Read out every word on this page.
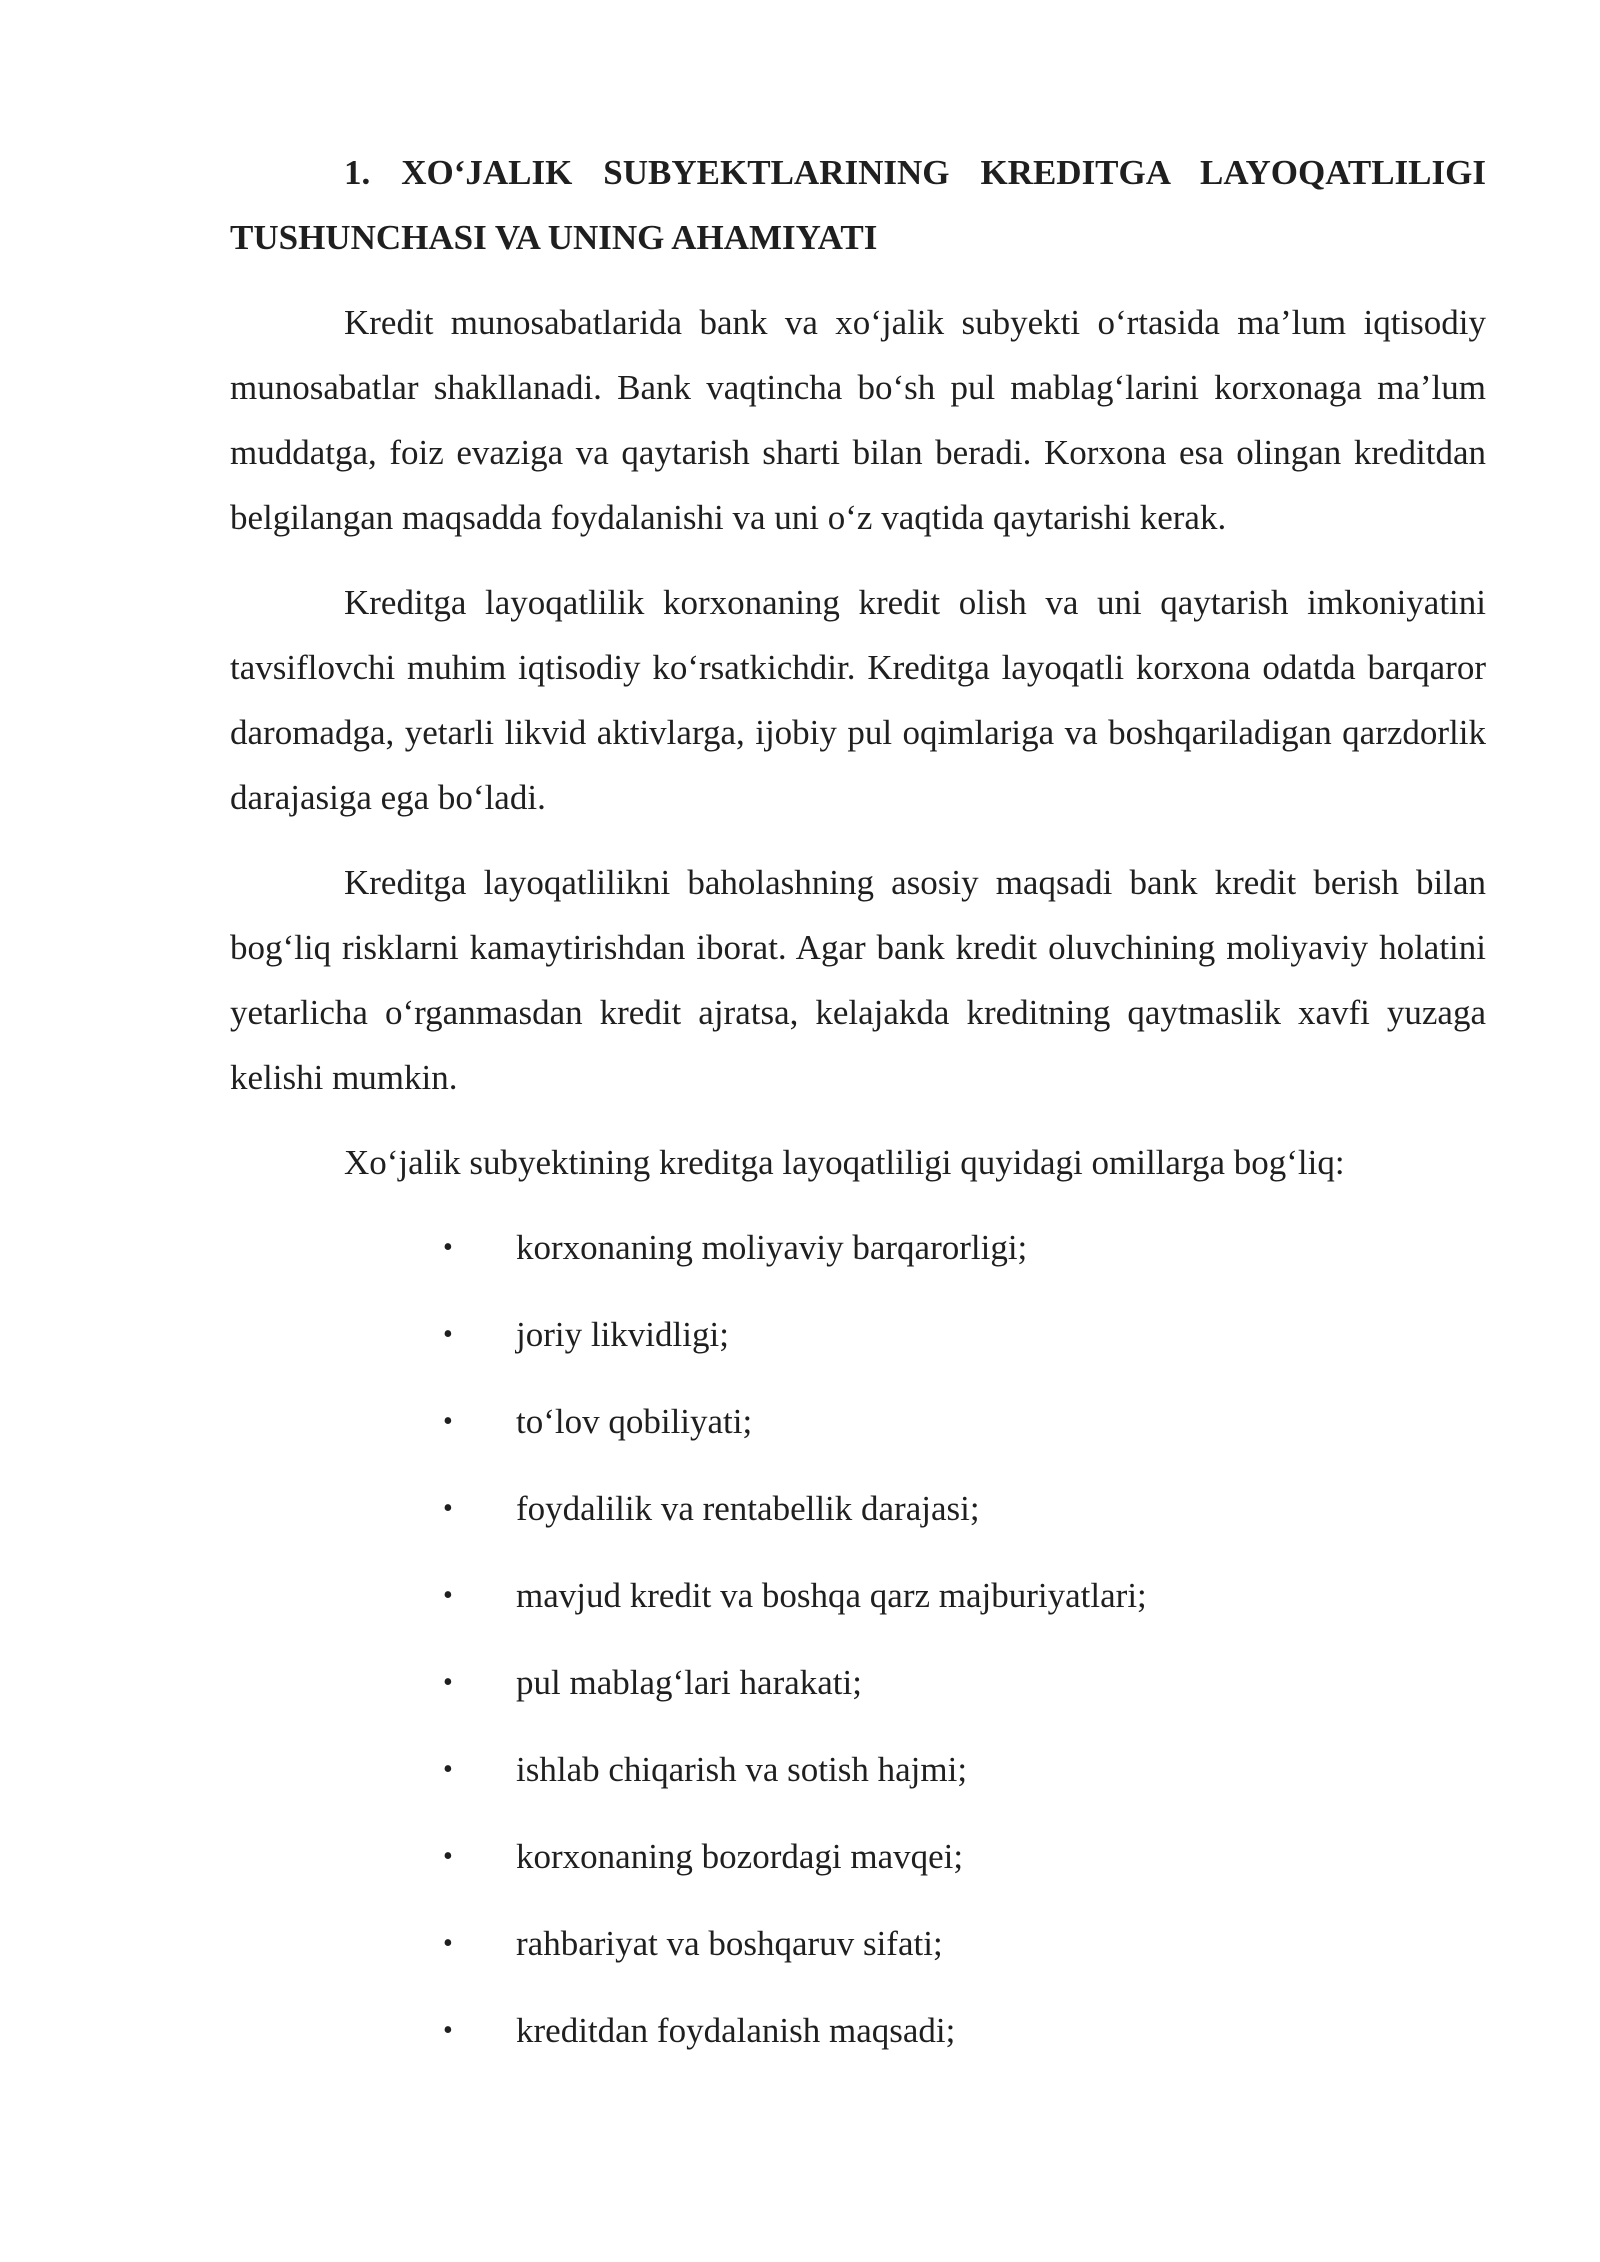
1. XO‘JALIK SUBYEKTLARINING KREDITGA LAYOQATLILIGI TUSHUNCHASI VA UNING AHAMIYATI

Kredit munosabatlarida bank va xo‘jalik subyekti o‘rtasida ma’lum iqtisodiy munosabatlar shakllanadi. Bank vaqtincha bo‘sh pul mablag‘larini korxonaga ma’lum muddatga, foiz evaziga va qaytarish sharti bilan beradi. Korxona esa olingan kreditdan belgilangan maqsadda foydalanishi va uni o‘z vaqtida qaytarishi kerak.

Kreditga layoqatlilik korxonaning kredit olish va uni qaytarish imkoniyatini tavsiflovchi muhim iqtisodiy ko‘rsatkichdir. Kreditga layoqatli korxona odatda barqaror daromadga, yetarli likvid aktivlarga, ijobiy pul oqimlariga va boshqariladigan qarzdorlik darajasiga ega bo‘ladi.

Kreditga layoqatlilikni baholashning asosiy maqsadi bank kredit berish bilan bog‘liq risklarni kamaytirishdan iborat. Agar bank kredit oluvchining moliyaviy holatini yetarlicha o‘rganmasdan kredit ajratsa, kelajakda kreditning qaytmaslik xavfi yuzaga kelishi mumkin.

Xo‘jalik subyektining kreditga layoqatliligi quyidagi omillarga bog‘liq:

•	korxonaning moliyaviy barqarorligi;
•	joriy likvidligi;
•	to‘lov qobiliyati;
•	foydalilik va rentabellik darajasi;
•	mavjud kredit va boshqa qarz majburiyatlari;
•	pul mablag‘lari harakati;
•	ishlab chiqarish va sotish hajmi;
•	korxonaning bozordagi mavqei;
•	rahbariyat va boshqaruv sifati;
•	kreditdan foydalanish maqsadi;
